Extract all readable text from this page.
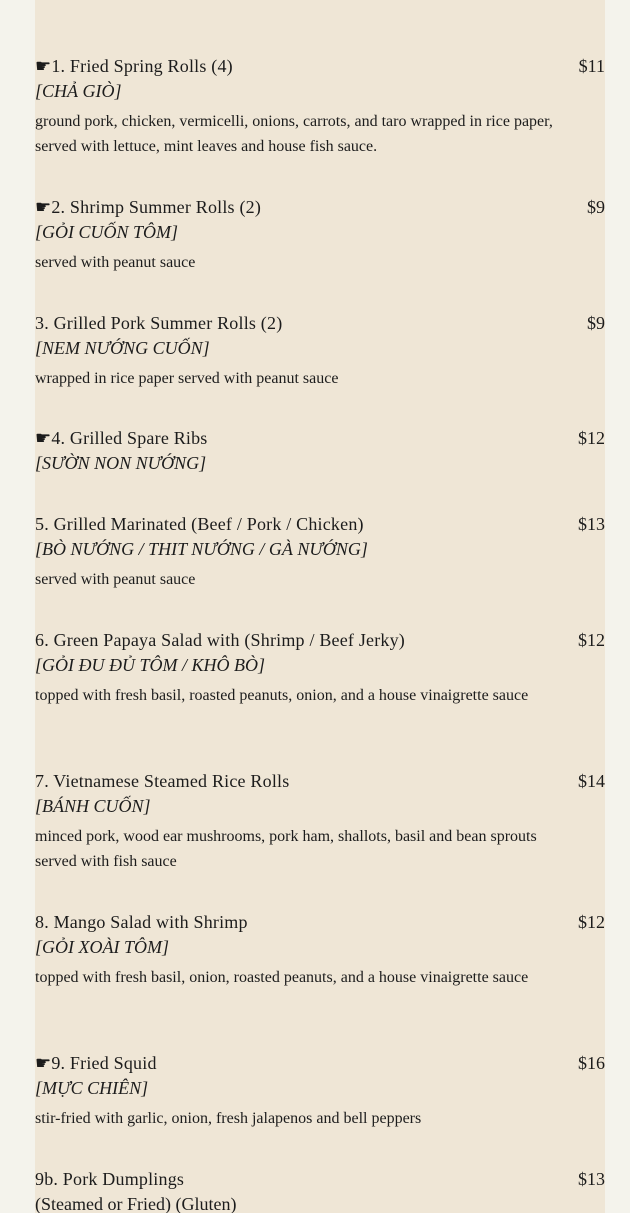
☛1. Fried Spring Rolls (4)	$11
[CHẢ GIÒ]
ground pork, chicken, vermicelli, onions, carrots, and taro wrapped in rice paper, served with lettuce, mint leaves and house fish sauce.
☛2. Shrimp Summer Rolls (2)	$9
[GỎI CUỐN TÔM]
served with peanut sauce
3. Grilled Pork Summer Rolls (2)	$9
[NEM NƯỚNG CUỐN]
wrapped in rice paper served with peanut sauce
☛4. Grilled Spare Ribs	$12
[SƯỜN NON NƯỚNG]
5. Grilled Marinated (Beef / Pork / Chicken)	$13
[BÒ NƯỚNG / THIT NƯỚNG / GÀ NƯỚNG]
served with peanut sauce
6. Green Papaya Salad with (Shrimp / Beef Jerky)	$12
[GỎI ĐU ĐỦ TÔM / KHÔ BÒ]
topped with fresh basil, roasted peanuts, onion, and a house vinaigrette sauce
7. Vietnamese Steamed Rice Rolls	$14
[BÁNH CUỐN]
minced pork, wood ear mushrooms, pork ham, shallots, basil and bean sprouts served with fish sauce
8. Mango Salad with Shrimp	$12
[GỎI XOÀI TÔM]
topped with fresh basil, onion, roasted peanuts, and a house vinaigrette sauce
☛9. Fried Squid	$16
[MỰC CHIÊN]
stir-fried with garlic, onion, fresh jalapenos and bell peppers
9b. Pork Dumplings	$13
(Steamed or Fried) (Gluten)
